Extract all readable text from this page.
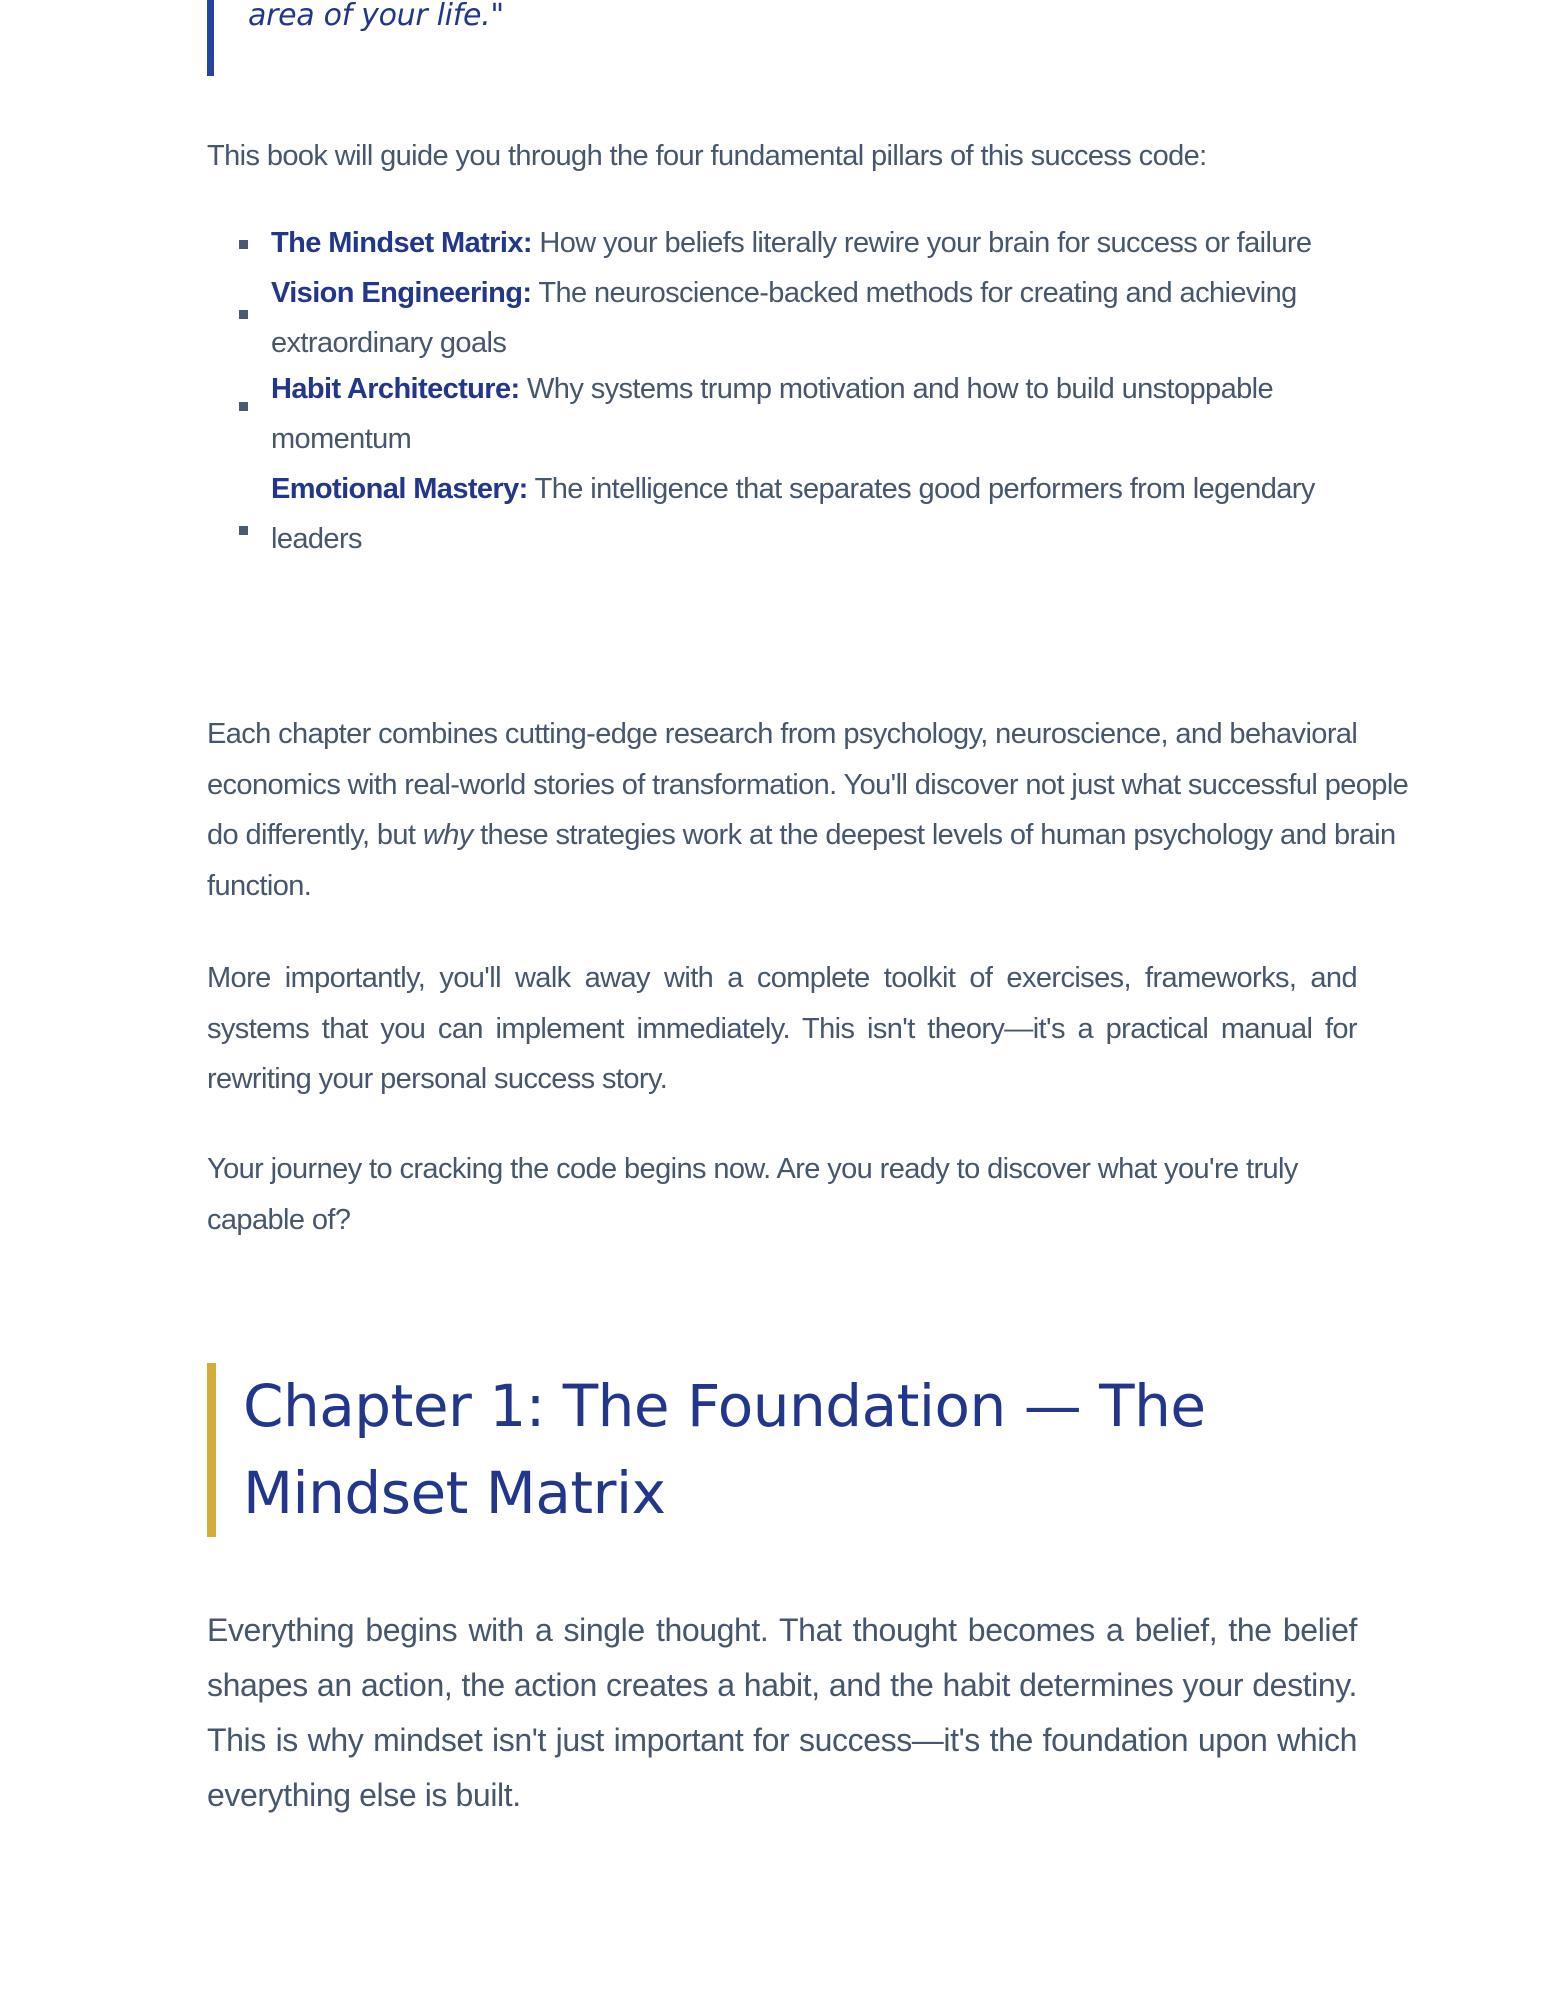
area of your life."

This book will guide you through the four fundamental pillars of this success code:

The Mindset Matrix: How your beliefs literally rewire your brain for success or failure
Vision Engineering: The neuroscience-backed methods for creating and achieving extraordinary goals
Habit Architecture: Why systems trump motivation and how to build unstoppable momentum
Emotional Mastery: The intelligence that separates good performers from legendary leaders

Each chapter combines cutting-edge research from psychology, neuroscience, and behavioral economics with real-world stories of transformation. You'll discover not just what successful people do differently, but why these strategies work at the deepest levels of human psychology and brain function.

More importantly, you'll walk away with a complete toolkit of exercises, frameworks, and systems that you can implement immediately. This isn't theory—it's a practical manual for rewriting your personal success story.

Your journey to cracking the code begins now. Are you ready to discover what you're truly capable of?

Chapter 1: The Foundation — The Mindset Matrix

Everything begins with a single thought. That thought becomes a belief, the belief shapes an action, the action creates a habit, and the habit determines your destiny. This is why mindset isn't just important for success—it's the foundation upon which everything else is built.
